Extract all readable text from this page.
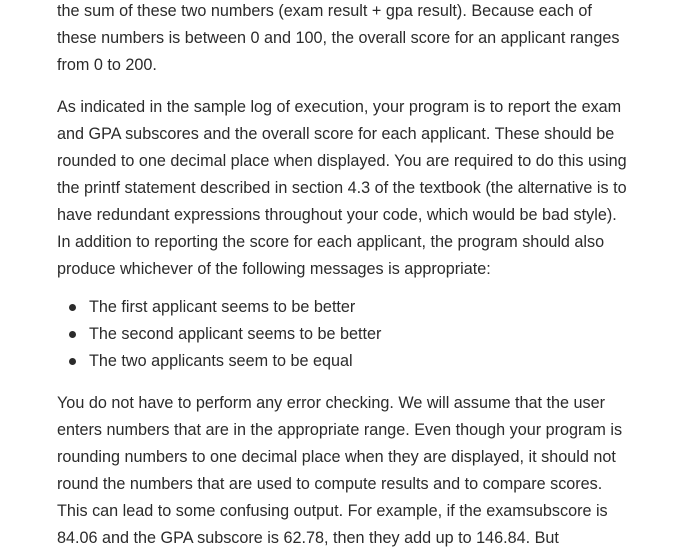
the sum of these two numbers (exam result + gpa result). Because each of
these numbers is between 0 and 100, the overall score for an applicant ranges
from 0 to 200.

As indicated in the sample log of execution, your program is to report the exam
and GPA subscores and the overall score for each applicant. These should be
rounded to one decimal place when displayed. You are required to do this using
the printf statement described in section 4.3 of the textbook (the alternative is to
have redundant expressions throughout your code, which would be bad style).
In addition to reporting the score for each applicant, the program should also
produce whichever of the following messages is appropriate:

The first applicant seems to be better
The second applicant seems to be better
The two applicants seem to be equal

You do not have to perform any error checking. We will assume that the user
enters numbers that are in the appropriate range. Even though your program is
rounding numbers to one decimal place when they are displayed, it should not
round the numbers that are used to compute results and to compare scores.
This can lead to some confusing output. For example, if the examsubscore is
84.06 and the GPA subscore is 62.78, then they add up to 146.84. But
